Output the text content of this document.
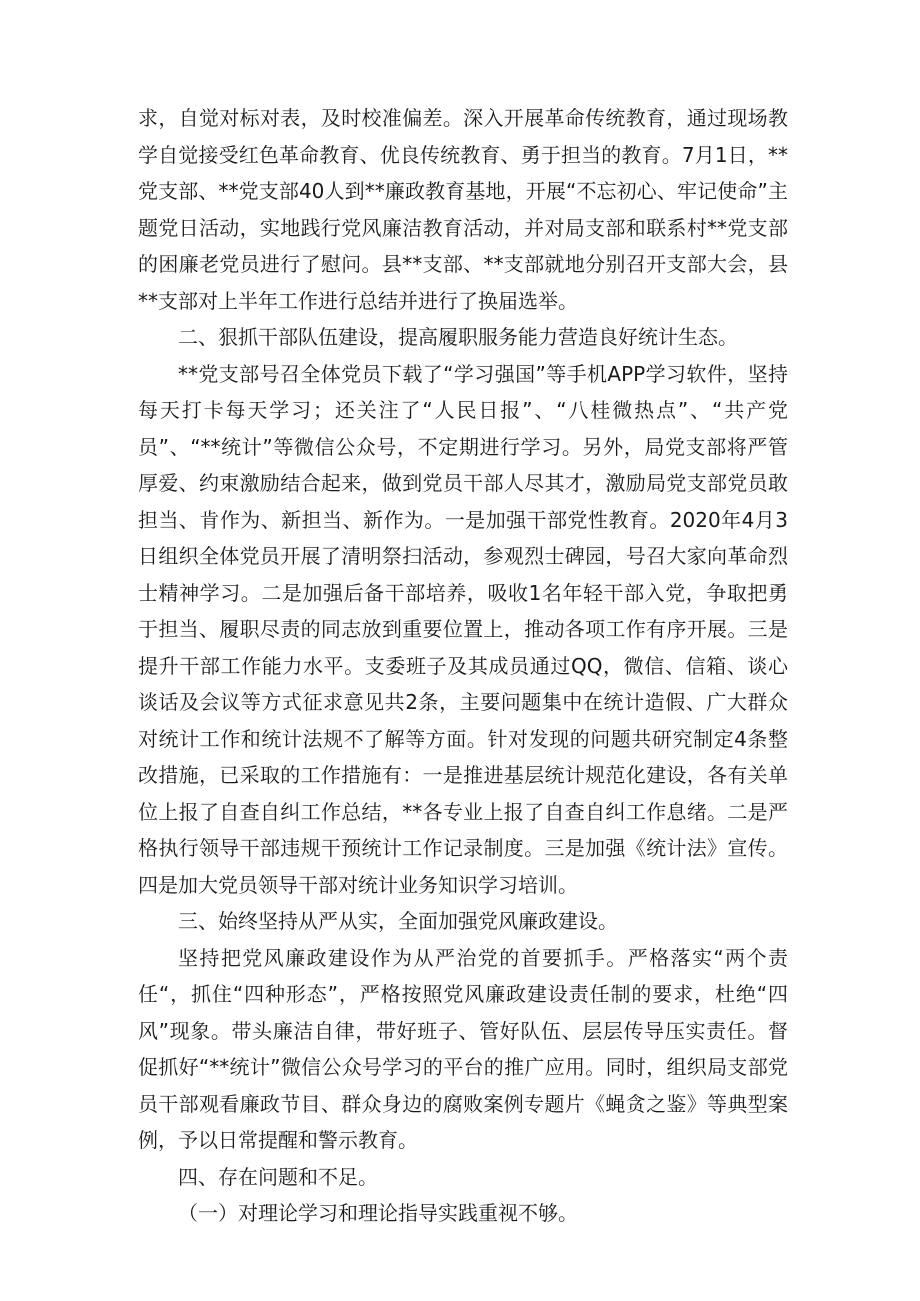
求，自觉对标对表，及时校准偏差。深入开展革命传统教育，通过现场教学自觉接受红色革命教育、优良传统教育、勇于担当的教育。7月1日，**党支部、**党支部40人到**廉政教育基地，开展“不忘初心、牢记使命”主题党日活动，实地践行党风廉洁教育活动，并对局支部和联系村**党支部的困廉老党员进行了慰问。县**支部、**支部就地分别召开支部大会，县**支部对上半年工作进行总结并进行了换届选举。

二、狠抓干部队伍建设，提高履职服务能力营造良好统计生态。

**党支部号召全体党员下载了“学习强国”等手机APP学习软件，坚持每天打卡每天学习；还关注了“人民日报”、“八桂微热点”、“共产党员”、“**统计”等微信公众号，不定期进行学习。另外，局党支部将严管厚爱、约束激励结合起来，做到党员干部人尽其才，激励局党支部党员敢担当、肯作为、新担当、新作为。一是加强干部党性教育。2020年4月3日组织全体党员开展了清明祭扫活动，参观烈士碑园，号召大家向革命烈士精神学习。二是加强后备干部培养，吸收1名年轻干部入党，争取把勇于担当、履职尽责的同志放到重要位置上，推动各项工作有序开展。三是提升干部工作能力水平。支委班子及其成员通过QQ，微信、信箱、谈心谈话及会议等方式征求意见共2条，主要问题集中在统计造假、广大群众对统计工作和统计法规不了解等方面。针对发现的问题共研究制定4条整改措施，已采取的工作措施有：一是推进基层统计规范化建设，各有关单位上报了自查自纠工作总结，**各专业上报了自查自纠工作息绪。二是严格执行领导干部违规干预统计工作记录制度。三是加强《统计法》宣传。四是加大党员领导干部对统计业务知识学习培训。

三、始终坚持从严从实，全面加强党风廉政建设。

坚持把党风廉政建设作为从严治党的首要抓手。严格落实“两个责任“，抓住“四种形态”，严格按照党风廉政建设责任制的要求，杜绝“四风”现象。带头廉洁自律，带好班子、管好队伍、层层传导压实责任。督促抓好“**统计”微信公众号学习的平台的推广应用。同时，组织局支部党员干部观看廉政节目、群众身边的腐败案例专题片《蝇贪之鉴》等典型案例，予以日常提醒和警示教育。

四、存在问题和不足。

（一）对理论学习和理论指导实践重视不够。
